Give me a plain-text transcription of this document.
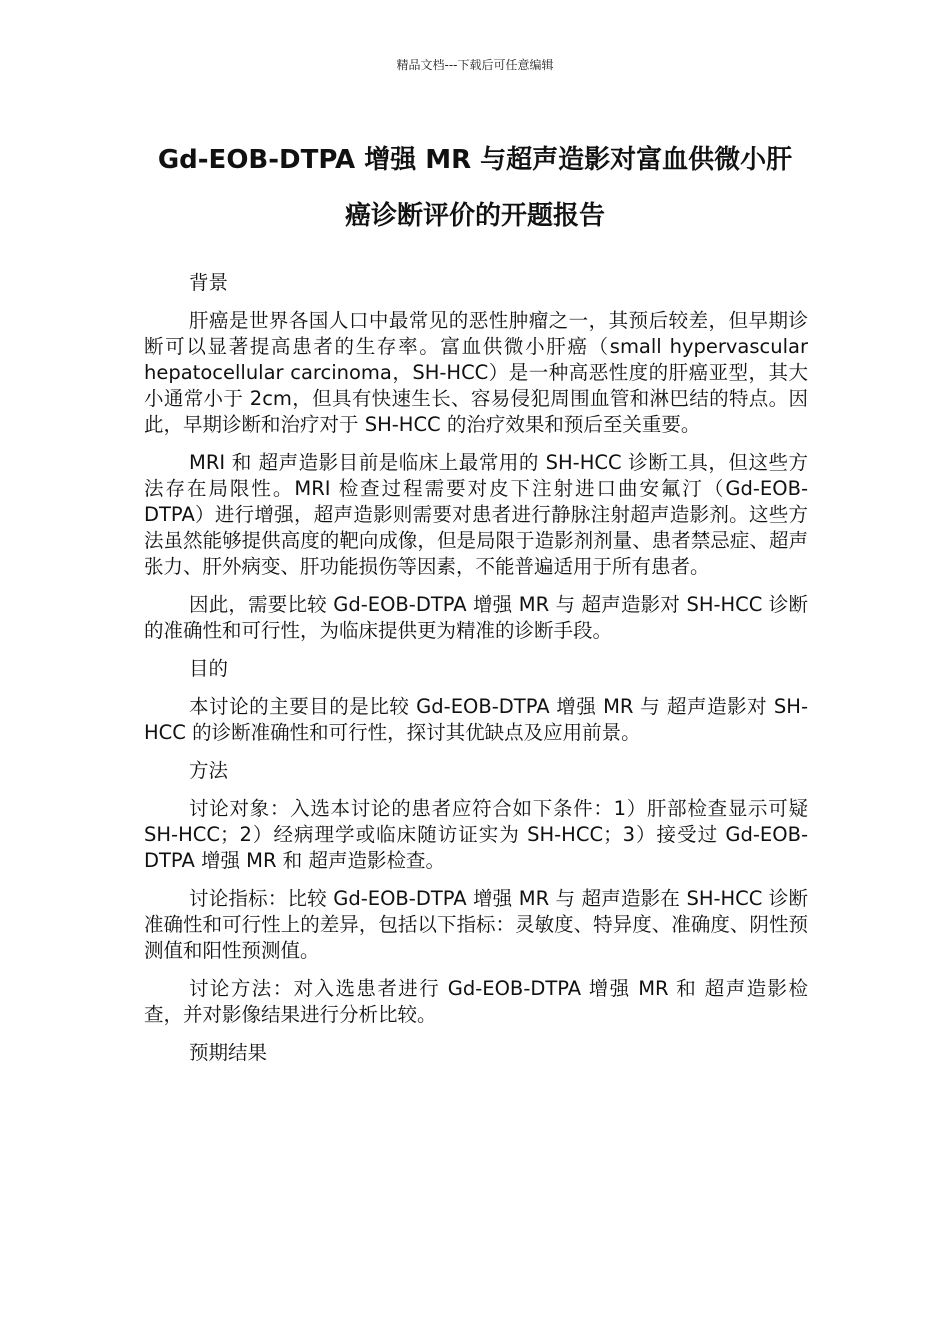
精品文档---下载后可任意编辑
Gd-EOB-DTPA 增强 MR 与超声造影对富血供微小肝
癌诊断评价的开题报告

背景

肝癌是世界各国人口中最常见的恶性肿瘤之一，其预后较差，但早期诊断可以显著提高患者的生存率。富血供微小肝癌（small hypervascular hepatocellular carcinoma，SH-HCC）是一种高恶性度的肝癌亚型，其大小通常小于 2cm，但具有快速生长、容易侵犯周围血管和淋巴结的特点。因此，早期诊断和治疗对于 SH-HCC 的治疗效果和预后至关重要。

MRI 和 超声造影目前是临床上最常用的 SH-HCC 诊断工具，但这些方法存在局限性。MRI 检查过程需要对皮下注射进口曲安氟汀（Gd-EOB-DTPA）进行增强，超声造影则需要对患者进行静脉注射超声造影剂。这些方法虽然能够提供高度的靶向成像，但是局限于造影剂剂量、患者禁忌症、超声张力、肝外病变、肝功能损伤等因素，不能普遍适用于所有患者。

因此，需要比较 Gd-EOB-DTPA 增强 MR 与 超声造影对 SH-HCC 诊断的准确性和可行性，为临床提供更为精准的诊断手段。

目的

本讨论的主要目的是比较 Gd-EOB-DTPA 增强 MR 与 超声造影对 SH-HCC 的诊断准确性和可行性，探讨其优缺点及应用前景。

方法

讨论对象：入选本讨论的患者应符合如下条件：1）肝部检查显示可疑 SH-HCC；2）经病理学或临床随访证实为 SH-HCC；3）接受过 Gd-EOB-DTPA 增强 MR 和 超声造影检查。

讨论指标：比较 Gd-EOB-DTPA 增强 MR 与 超声造影在 SH-HCC 诊断准确性和可行性上的差异，包括以下指标：灵敏度、特异度、准确度、阴性预测值和阳性预测值。

讨论方法：对入选患者进行 Gd-EOB-DTPA 增强 MR 和 超声造影检查，并对影像结果进行分析比较。

预期结果
